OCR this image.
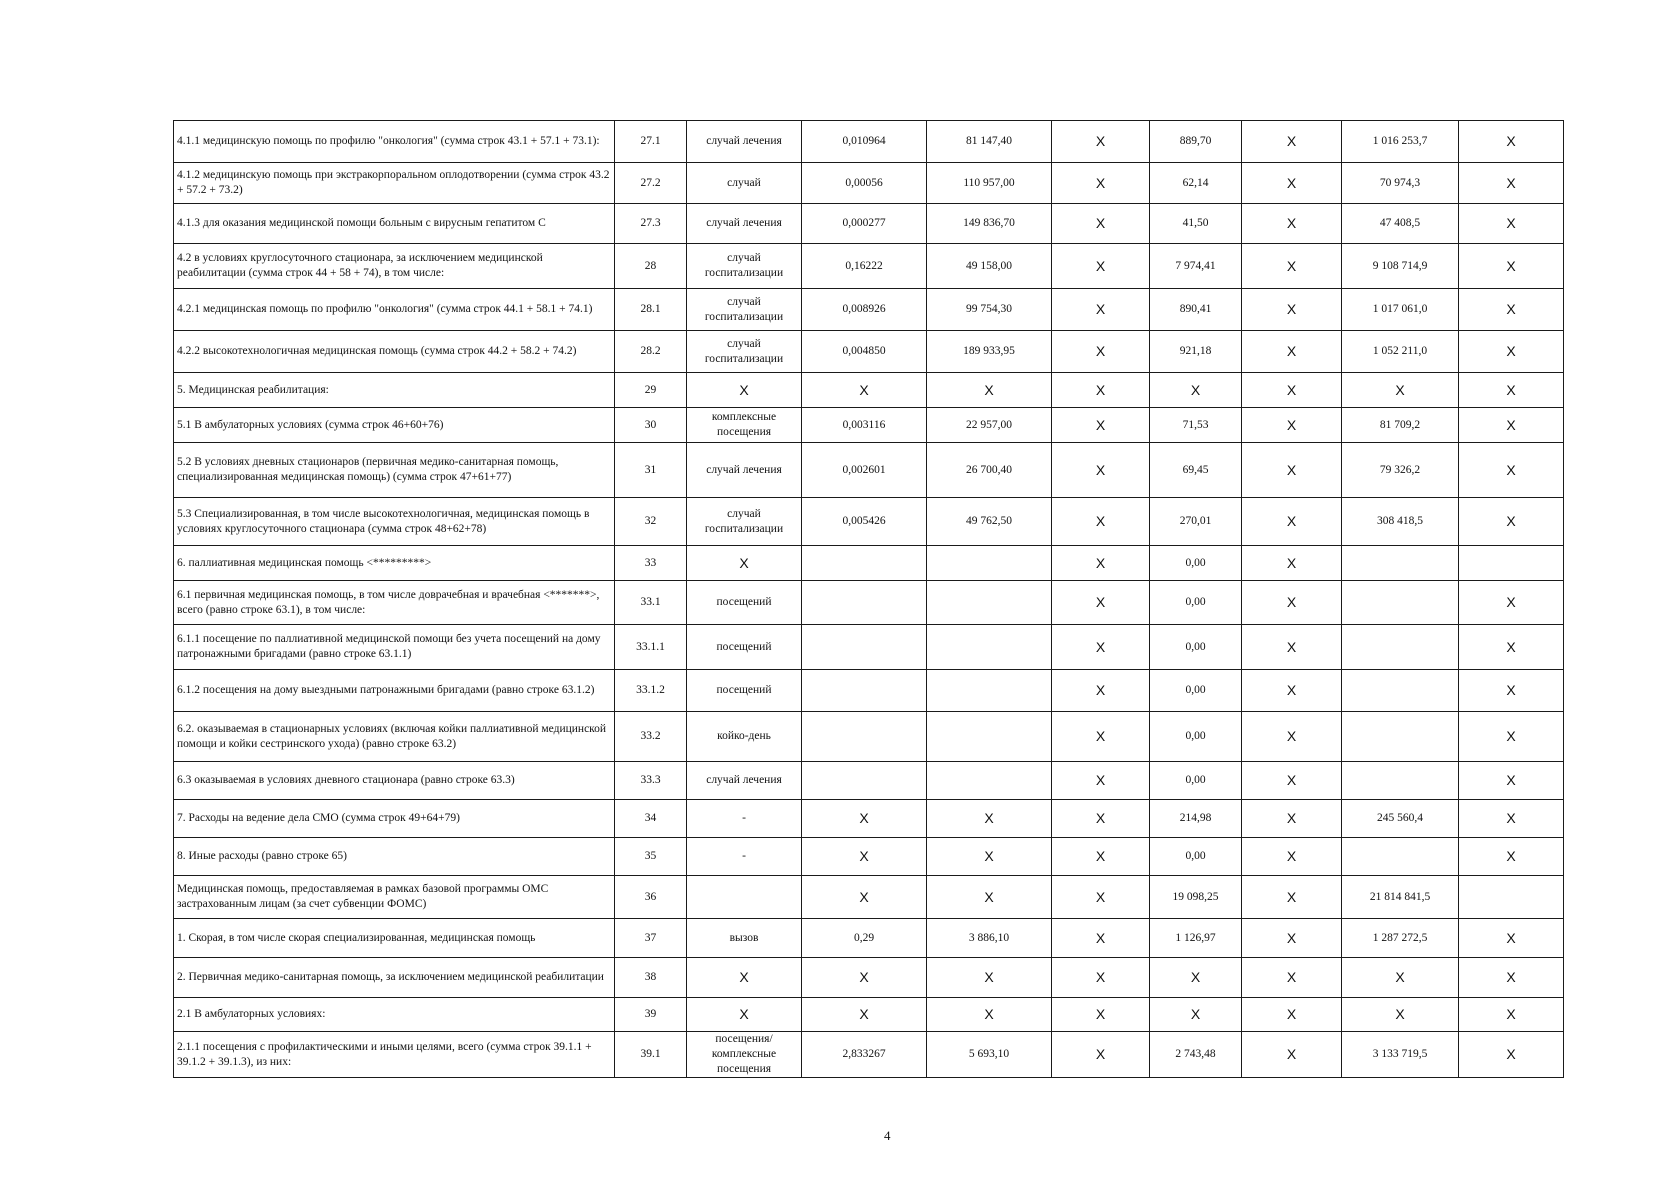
4.1.1 медицинскую помощь по профилю "онкология" (сумма строк 43.1 + 57.1 + 73.1):	27.1	случай лечения	0,010964	81 147,40	Х	889,70	Х	1 016 253,7	Х
4.1.2 медицинскую помощь при экстракорпоральном оплодотворении (сумма строк 43.2 + 57.2 + 73.2)	27.2	случай	0,00056	110 957,00	Х	62,14	Х	70 974,3	Х
4.1.3 для оказания медицинской помощи больным с вирусным гепатитом С	27.3	случай лечения	0,000277	149 836,70	Х	41,50	Х	47 408,5	Х
4.2 в условиях круглосуточного стационара, за исключением медицинской реабилитации (сумма строк 44 + 58 + 74), в том числе:	28	случай госпитализации	0,16222	49 158,00	Х	7 974,41	Х	9 108 714,9	Х
4.2.1 медицинская помощь по профилю "онкология" (сумма строк 44.1 + 58.1 + 74.1)	28.1	случай госпитализации	0,008926	99 754,30	Х	890,41	Х	1 017 061,0	Х
4.2.2 высокотехнологичная медицинская помощь (сумма строк 44.2 + 58.2 + 74.2)	28.2	случай госпитализации	0,004850	189 933,95	Х	921,18	Х	1 052 211,0	Х
5. Медицинская реабилитация:	29	Х	Х	Х	Х	Х	Х	Х	Х
5.1 В амбулаторных условиях (сумма строк 46+60+76)	30	комплексные посещения	0,003116	22 957,00	Х	71,53	Х	81 709,2	Х
5.2 В условиях дневных стационаров (первичная медико-санитарная помощь, специализированная медицинская помощь) (сумма строк 47+61+77)	31	случай лечения	0,002601	26 700,40	Х	69,45	Х	79 326,2	Х
5.3 Специализированная, в том числе высокотехнологичная, медицинская помощь в условиях круглосуточного стационара (сумма строк 48+62+78)	32	случай госпитализации	0,005426	49 762,50	Х	270,01	Х	308 418,5	Х
6. паллиативная медицинская помощь <*********>	33	Х			Х	0,00	Х		
6.1 первичная медицинская помощь, в том числе доврачебная и врачебная <*******>, всего (равно строке 63.1), в том числе:	33.1	посещений			Х	0,00	Х		Х
6.1.1 посещение по паллиативной медицинской помощи без учета посещений на дому патронажными бригадами (равно строке 63.1.1)	33.1.1	посещений			Х	0,00	Х		Х
6.1.2 посещения на дому выездными патронажными бригадами (равно строке 63.1.2)	33.1.2	посещений			Х	0,00	Х		Х
6.2. оказываемая в стационарных условиях (включая койки паллиативной медицинской помощи и койки сестринского ухода) (равно строке 63.2)	33.2	койко-день			Х	0,00	Х		Х
6.3 оказываемая в условиях дневного стационара (равно строке 63.3)	33.3	случай лечения			Х	0,00	Х		Х
7. Расходы на ведение дела СМО (сумма строк 49+64+79)	34	-	Х	Х	Х	214,98	Х	245 560,4	Х
8. Иные расходы (равно строке 65)	35	-	Х	Х	Х	0,00	Х		Х
Медицинская помощь, предоставляемая в рамках базовой программы ОМС застрахованным лицам (за счет субвенции ФОМС)	36		Х	Х	Х	19 098,25	Х	21 814 841,5	
1. Скорая, в том числе скорая специализированная, медицинская помощь	37	вызов	0,29	3 886,10	Х	1 126,97	Х	1 287 272,5	Х
2. Первичная медико-санитарная помощь, за исключением медицинской реабилитации	38	Х	Х	Х	Х	Х	Х	Х	Х
2.1 В амбулаторных условиях:	39	Х	Х	Х	Х	Х	Х	Х	Х
2.1.1 посещения с профилактическими и иными целями, всего (сумма строк 39.1.1 + 39.1.2 + 39.1.3), из них:	39.1	посещения/комплексные посещения	2,833267	5 693,10	Х	2 743,48	Х	3 133 719,5	Х
4
